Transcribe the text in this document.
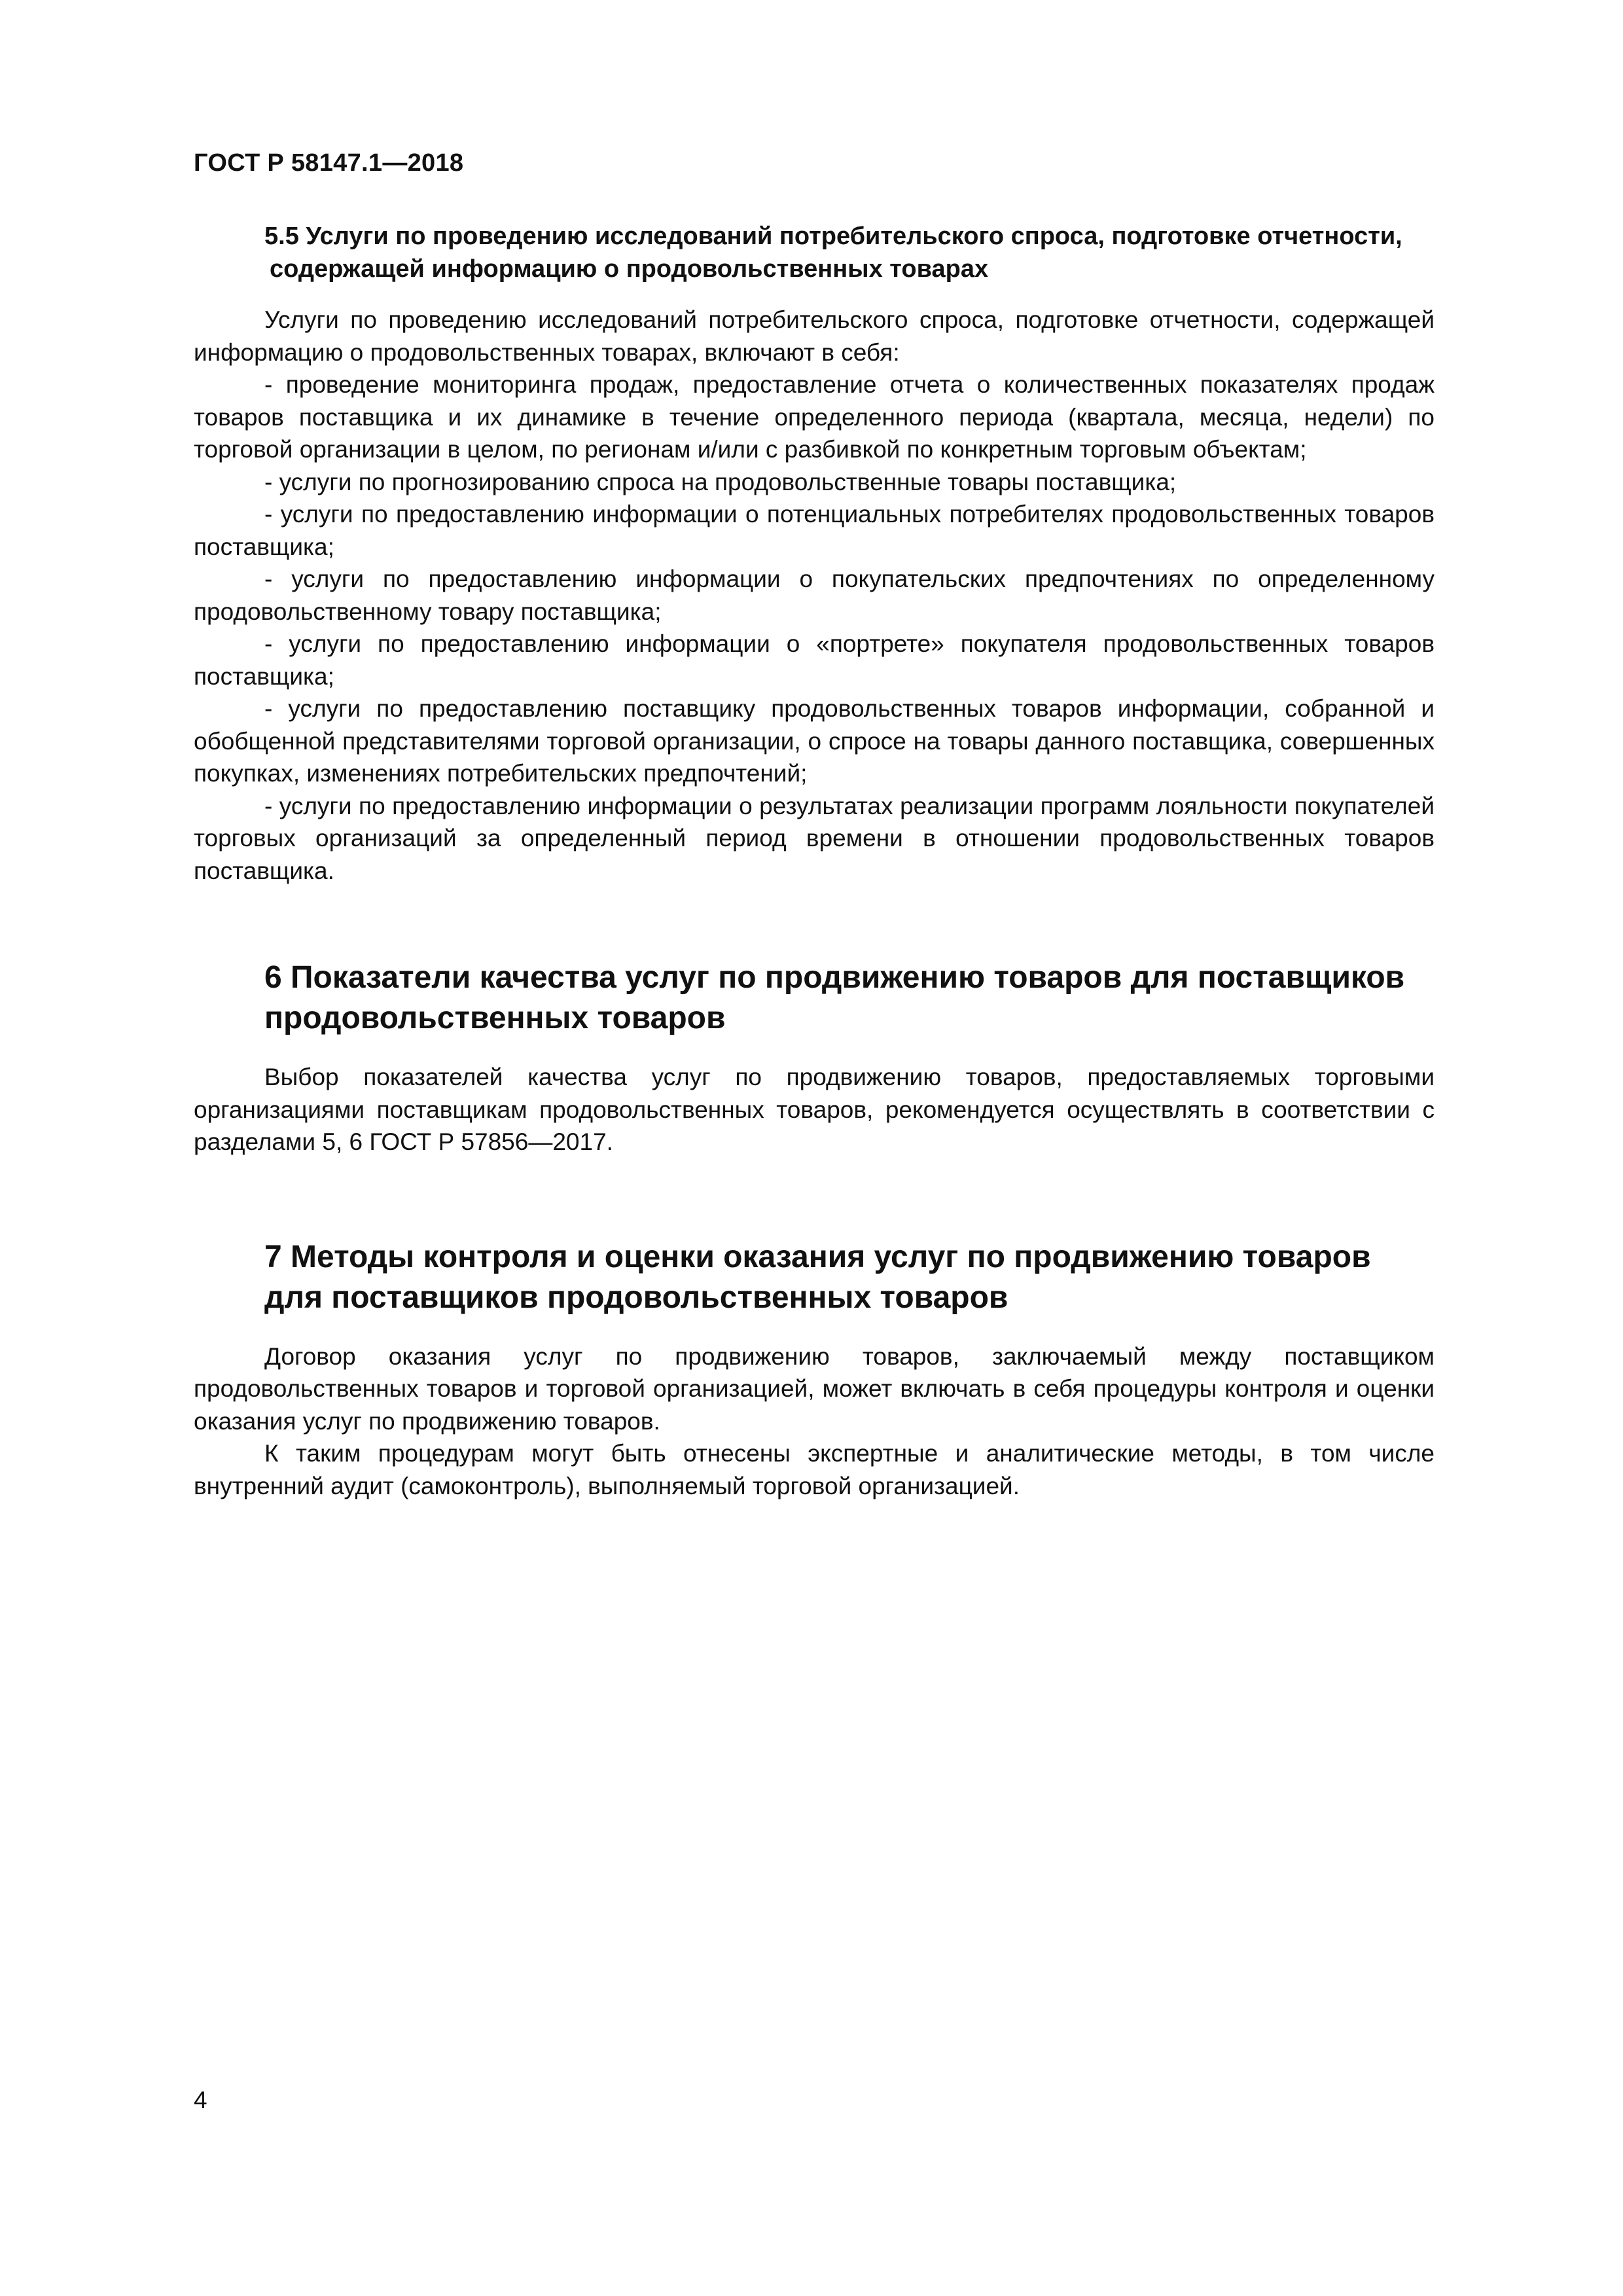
ГОСТ Р 58147.1—2018
5.5 Услуги по проведению исследований потребительского спроса, подготовке отчетности,
содержащей информацию о продовольственных товарах

Услуги по проведению исследований потребительского спроса, подготовке отчетности, содержащей информацию о продовольственных товарах, включают в себя:

- проведение мониторинга продаж, предоставление отчета о количественных показателях продаж товаров поставщика и их динамике в течение определенного периода (квартала, месяца, недели) по торговой организации в целом, по регионам и/или с разбивкой по конкретным торговым объектам;

- услуги по прогнозированию спроса на продовольственные товары поставщика;

- услуги по предоставлению информации о потенциальных потребителях продовольственных товаров поставщика;

- услуги по предоставлению информации о покупательских предпочтениях по определенному продовольственному товару поставщика;

- услуги по предоставлению информации о «портрете» покупателя продовольственных товаров поставщика;

- услуги по предоставлению поставщику продовольственных товаров информации, собранной и обобщенной представителями торговой организации, о спросе на товары данного поставщика, совершенных покупках, изменениях потребительских предпочтений;

- услуги по предоставлению информации о результатах реализации программ лояльности покупателей торговых организаций за определенный период времени в отношении продовольственных товаров поставщика.

6 Показатели качества услуг по продвижению товаров для поставщиков
продовольственных товаров

Выбор показателей качества услуг по продвижению товаров, предоставляемых торговыми организациями поставщикам продовольственных товаров, рекомендуется осуществлять в соответствии с разделами 5, 6 ГОСТ Р 57856—2017.

7 Методы контроля и оценки оказания услуг по продвижению товаров
для поставщиков продовольственных товаров

Договор оказания услуг по продвижению товаров, заключаемый между поставщиком продовольственных товаров и торговой организацией, может включать в себя процедуры контроля и оценки оказания услуг по продвижению товаров.

К таким процедурам могут быть отнесены экспертные и аналитические методы, в том числе внутренний аудит (самоконтроль), выполняемый торговой организацией.

4
